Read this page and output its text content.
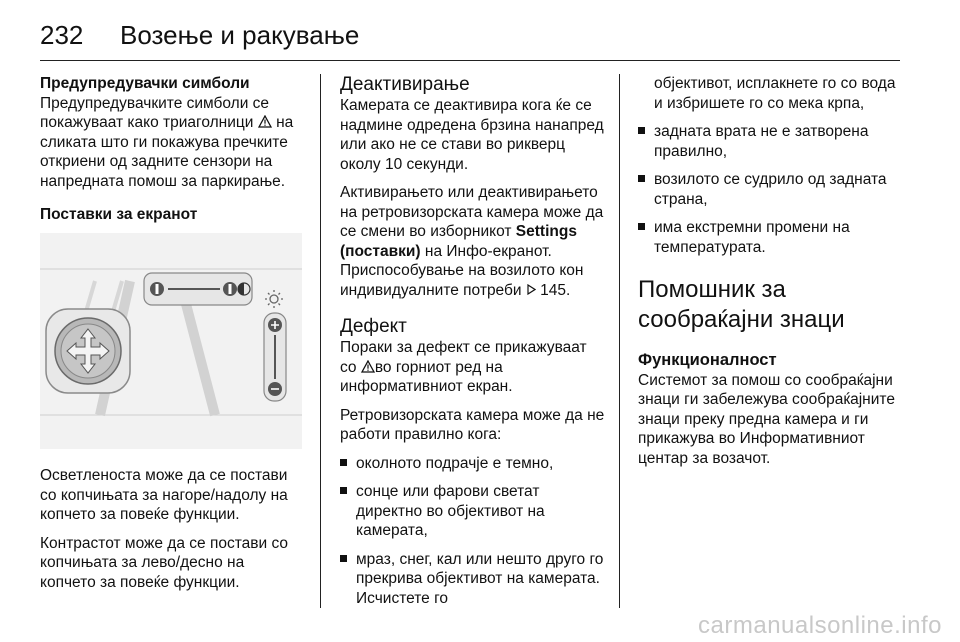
232 Возење и ракување

Предупредувачки симболи

Предупредувачките симболи се покажуваат како триаголници на сликата што ги покажува пречките откриени од задните сензори на напредната помош за паркирање.

Поставки за екранот

Осветленоста може да се постави со копчињата за нагоре/надолу на копчето за повеќе функции.

Контрастот може да се постави со копчињата за лево/десно на копчето за повеќе функции.

Деактивирање

Камерата се деактивира кога ќе се надмине одредена брзина нанапред или ако не се стави во рикверц околу 10 секунди.

Активирањето или деактивирањето на ретровизорската камера може да се смени во изборникот Settings (поставки) на Инфо-екранот. Приспособување на возилото кон индивидуалните потреби 145.

Дефект

Пораки за дефект се прикажуваат со во горниот ред на информативниот екран.

Ретровизорската камера може да не работи правилно кога:

околното подрачје е темно,
сонце или фарови светат директно во објективот на камерата,
мраз, снег, кал или нешто друго го прекрива објективот на камерата. Исчистете го

објективот, исплакнете го со вода и избришете го со мека крпа,

задната врата не е затворена правилно,
возилото се судрило од задната страна,
има екстремни промени на температурата.

Помошник за сообраќајни знаци

Функционалност

Системот за помош со сообраќајни знаци ги забележува сообраќајните знаци преку предна камера и ги прикажува во Информативниот центар за возачот.

carmanualsonline.info
